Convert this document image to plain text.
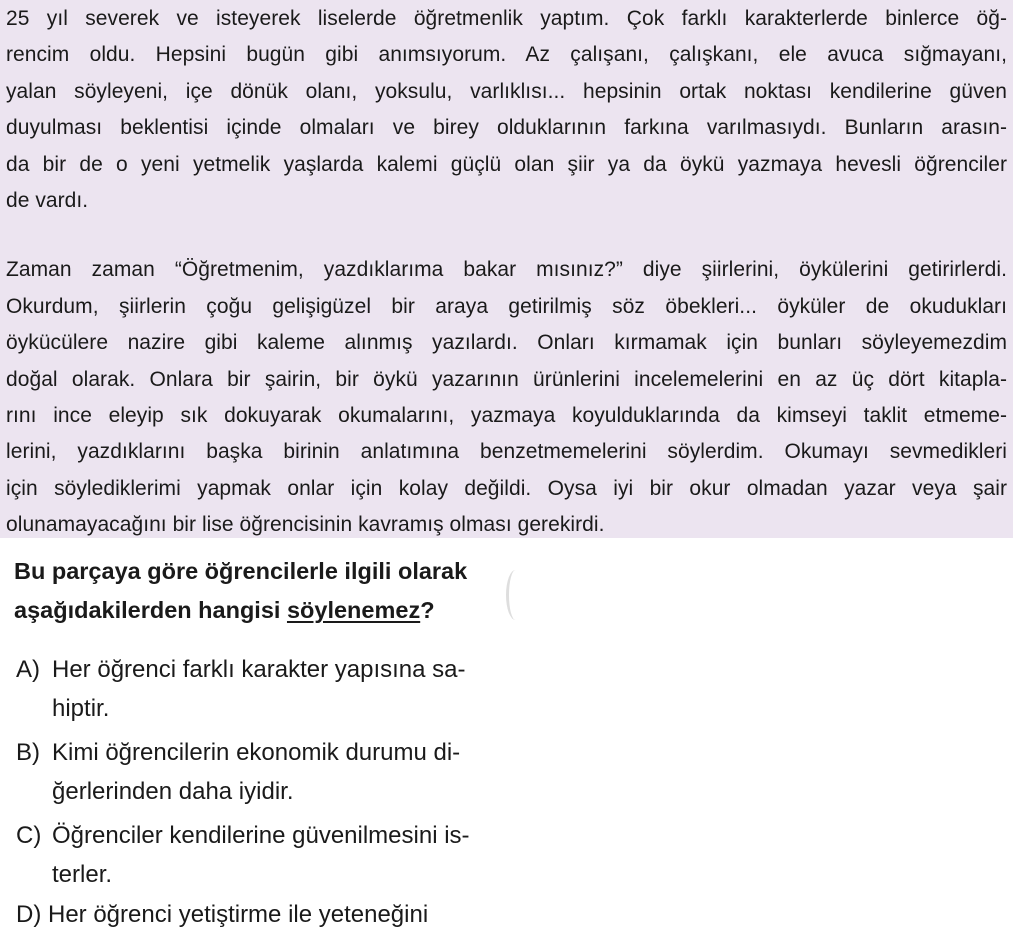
25 yıl severek ve isteyerek liselerde öğretmenlik yaptım. Çok farklı karakterlerde binlerce öğ-
rencim oldu. Hepsini bugün gibi anımsıyorum. Az çalışanı, çalışkanı, ele avuca sığmayanı,
yalan söyleyeni, içe dönük olanı, yoksulu, varlıklısı... hepsinin ortak noktası kendilerine güven
duyulması beklentisi içinde olmaları ve birey olduklarının farkına varılmasıydı. Bunların arasın-
da bir de o yeni yetmelik yaşlarda kalemi güçlü olan şiir ya da öykü yazmaya hevesli öğrenciler
de vardı.
Zaman zaman “Öğretmenim, yazdıklarıma bakar mısınız?” diye şiirlerini, öykülerini getirirlerdi.
Okurdum, şiirlerin çoğu gelişigüzel bir araya getirilmiş söz öbekleri... öyküler de okudukları
öykücülere nazire gibi kaleme alınmış yazılardı. Onları kırmamak için bunları söyleyemezdim
doğal olarak. Onlara bir şairin, bir öykü yazarının ürünlerini incelemelerini en az üç dört kitapla-
rını ince eleyip sık dokuyarak okumalarını, yazmaya koyulduklarında da kimseyi taklit etmeme-
lerini, yazdıklarını başka birinin anlatımına benzetmemelerini söylerdim. Okumayı sevmedikleri
için söylediklerimi yapmak onlar için kolay değildi. Oysa iyi bir okur olmadan yazar veya şair
olunamayacağını bir lise öğrencisinin kavramış olması gerekirdi.
Bu parçaya göre öğrencilerle ilgili olarak
aşağıdakilerden hangisi söylenemez?
A) Her öğrenci farklı karakter yapısına sa-
hiptir.
B) Kimi öğrencilerin ekonomik durumu di-
ğerlerinden daha iyidir.
C) Öğrenciler kendilerine güvenilmesini is-
terler.
D) Her öğrenci yetiştirme ile yeteneğini
